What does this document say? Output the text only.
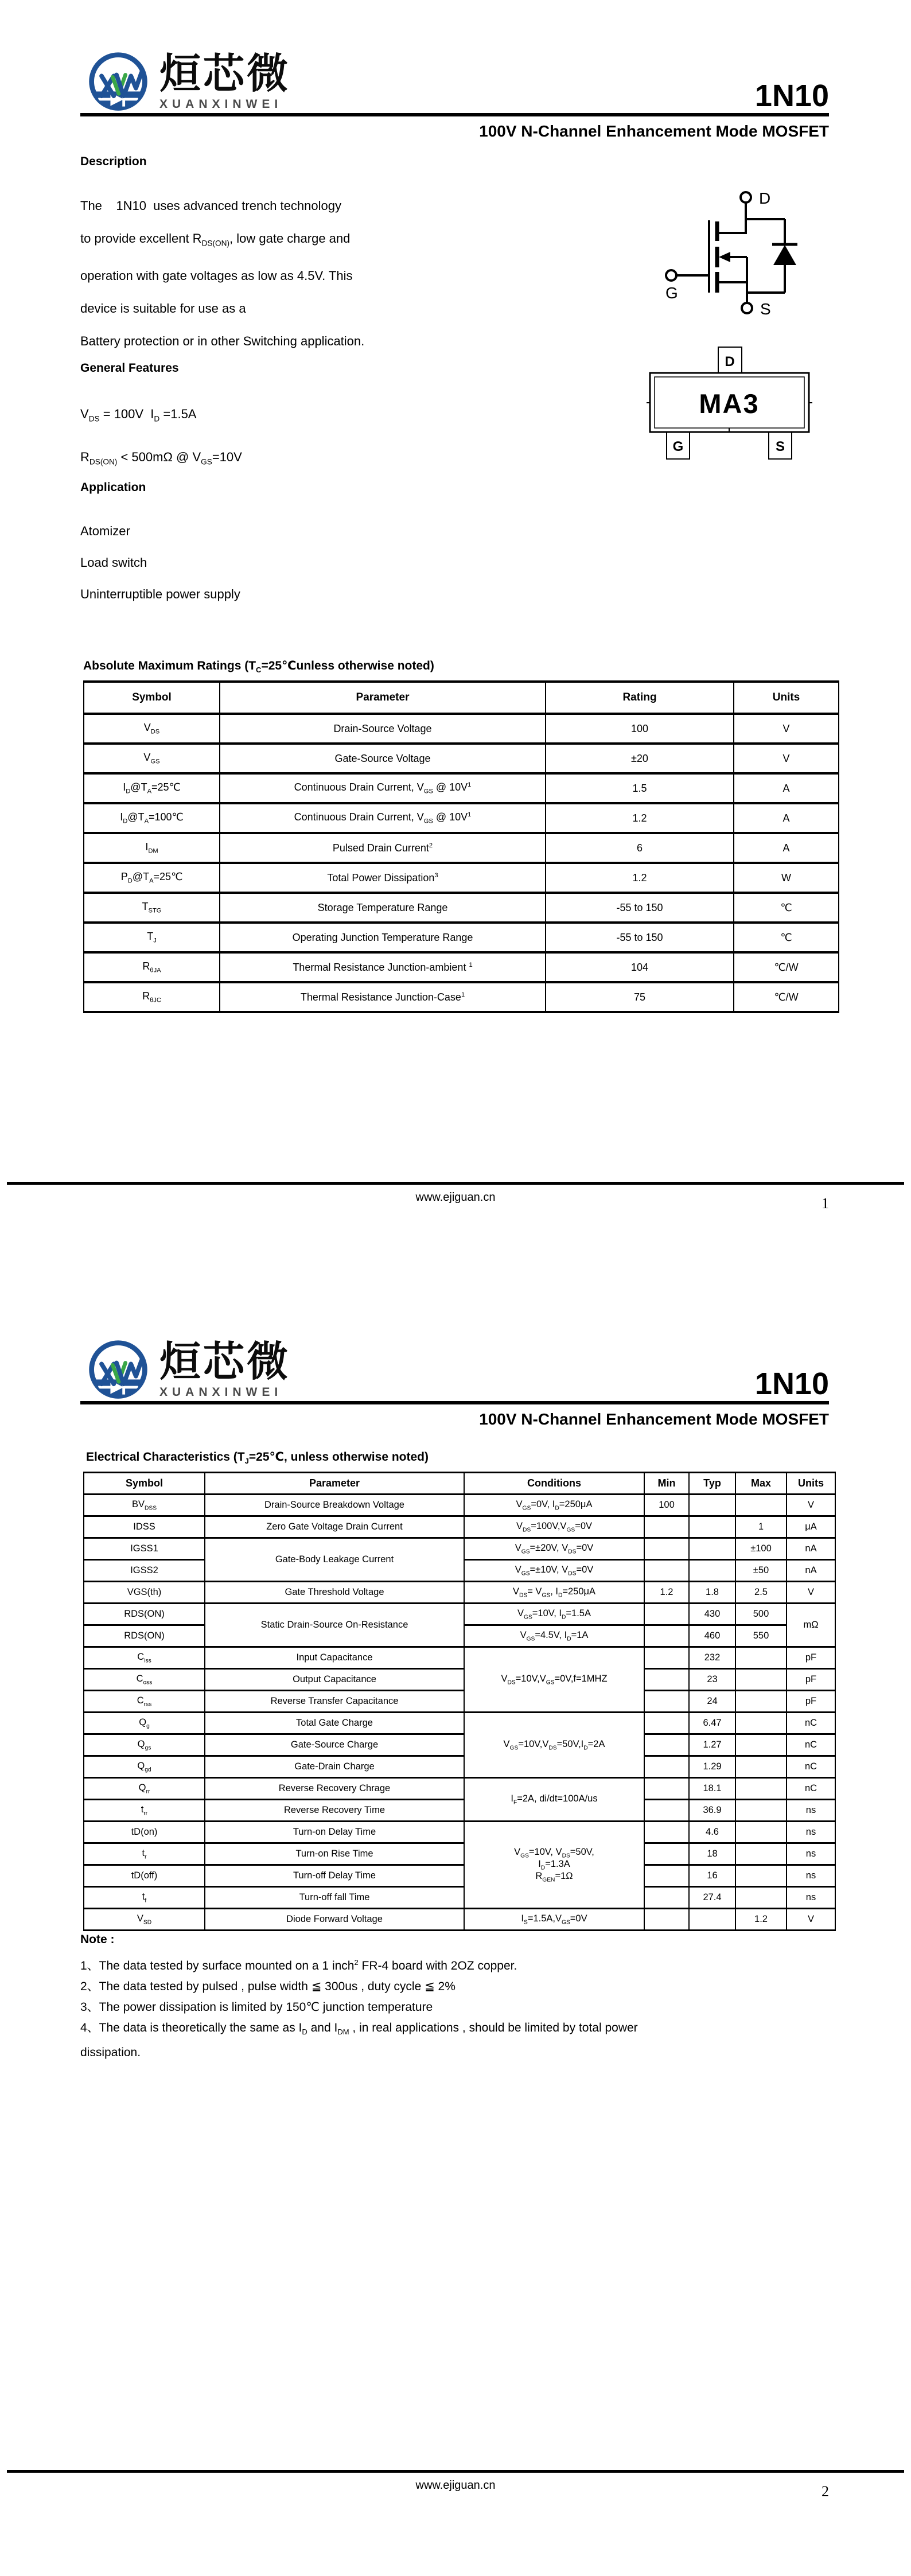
烜芯微
XUANXINWEI	1N10
100V N-Channel Enhancement Mode MOSFET
Description
The    1N10  uses advanced trench technology
to provide excellent $R_{DS(ON)}$, low gate charge and
operation with gate voltages as low as 4.5V. This
device is suitable for use as a
Battery protection or in other Switching application.
General Features
$V_{DS} = 100V$  $I_D =1.5A$
$R_{DS(ON)} < 500m\Omega$ @ $V_{GS}=10V$
Application
Atomizer
Load switch
Uninterruptible power supply
D
G
S
D
G	S
MA3
Absolute Maximum Ratings ($T_C=25℃unless$ otherwise noted)
Symbol	Parameter	Rating	Units
$V_{DS}$	Drain-Source Voltage	100	V
$V_{GS}$	Gate-Source Voltage	±20	V
$I_D@T_A=25℃$	Continuous Drain Current, $V_{GS}$ @ $10V^1$	1.5	A
$I_D@T_A=100℃$	Continuous Drain Current, $V_{GS}$ @ $10V^1$	1.2	A
$I_{DM}$	Pulsed Drain Current$^2$	6	A
$P_D@T_A=25℃$	Total Power Dissipation$^3$	1.2	W
$T_{STG}$	Storage Temperature Range	-55 to 150	℃
$T_J$	Operating Junction Temperature Range	-55 to 150	℃
$R_{\theta JA}$	Thermal Resistance Junction-ambient $^1$	104	℃/W
$R_{\theta JC}$	Thermal Resistance Junction-Case$^1$	75	℃/W
www.ejiguan.cn	1
烜芯微
XUANXINWEI	1N10
100V N-Channel Enhancement Mode MOSFET
Electrical Characteristics ($T_J=25℃$, unless otherwise noted)
Symbol	Parameter	Conditions	Min	Typ	Max	Units
$BV_{DSS}$	Drain-Source Breakdown Voltage	$V_{GS}=0V$, $I_D=250\mu A$	100			V
IDSS	Zero Gate Voltage Drain Current	$V_{DS}=100V,V_{GS}=0V$			1	μA
IGSS1	Gate-Body Leakage Current	$V_{GS}=\pm 20V$, $V_{DS}=0V$			±100	nA
IGSS2		$V_{GS}=\pm 10V$, $V_{DS}=0V$			±50	nA
VGS(th)	Gate Threshold Voltage	$V_{DS}= V_{GS}$, $I_D=250\mu A$	1.2	1.8	2.5	V
RDS(ON)	Static Drain-Source On-Resistance	$V_{GS}=10V$, $I_D=1.5A$		430	500	mΩ
RDS(ON)		$V_{GS}=4.5V$, $I_D=1A$		460	550	
$C_{iss}$	Input Capacitance	$V_{DS}=10V,V_{GS}=0V,f=1MHZ$		232		pF
$C_{oss}$	Output Capacitance			23		pF
$C_{rss}$	Reverse Transfer Capacitance			24		pF
$Q_g$	Total Gate Charge	$V_{GS}=10V,V_{DS}=50V,I_D=2A$		6.47		nC
$Q_{gs}$	Gate-Source Charge			1.27		nC
$Q_{gd}$	Gate-Drain Charge			1.29		nC
$Q_{rr}$	Reverse Recovery Chrage	$I_F=2A$, di/dt=100A/us		18.1		nC
$t_{rr}$	Reverse Recovery Time			36.9		ns
tD(on)	Turn-on Delay Time	$V_{GS}=10V$, $V_{DS}=50V$,
$I_D=1.3A$
$R_{GEN}=1\Omega$		4.6		ns
$t_r$	Turn-on Rise Time			18		ns
tD(off)	Turn-off Delay Time			16		ns
$t_f$	Turn-off fall Time			27.4		ns
$V_{SD}$	Diode Forward Voltage	$I_S=1.5A,V_{GS}=0V$			1.2	V
Note :
1、The data tested by surface mounted on a 1 inch$^2$ FR-4 board with 2OZ copper.
2、The data tested by pulsed , pulse width ≦ 300us , duty cycle ≦ 2%
3、The power dissipation is limited by 150℃ junction temperature
4、The data is theoretically the same as $I_D$ and $I_{DM}$ , in real applications , should be limited by total power
dissipation.
www.ejiguan.cn	2
